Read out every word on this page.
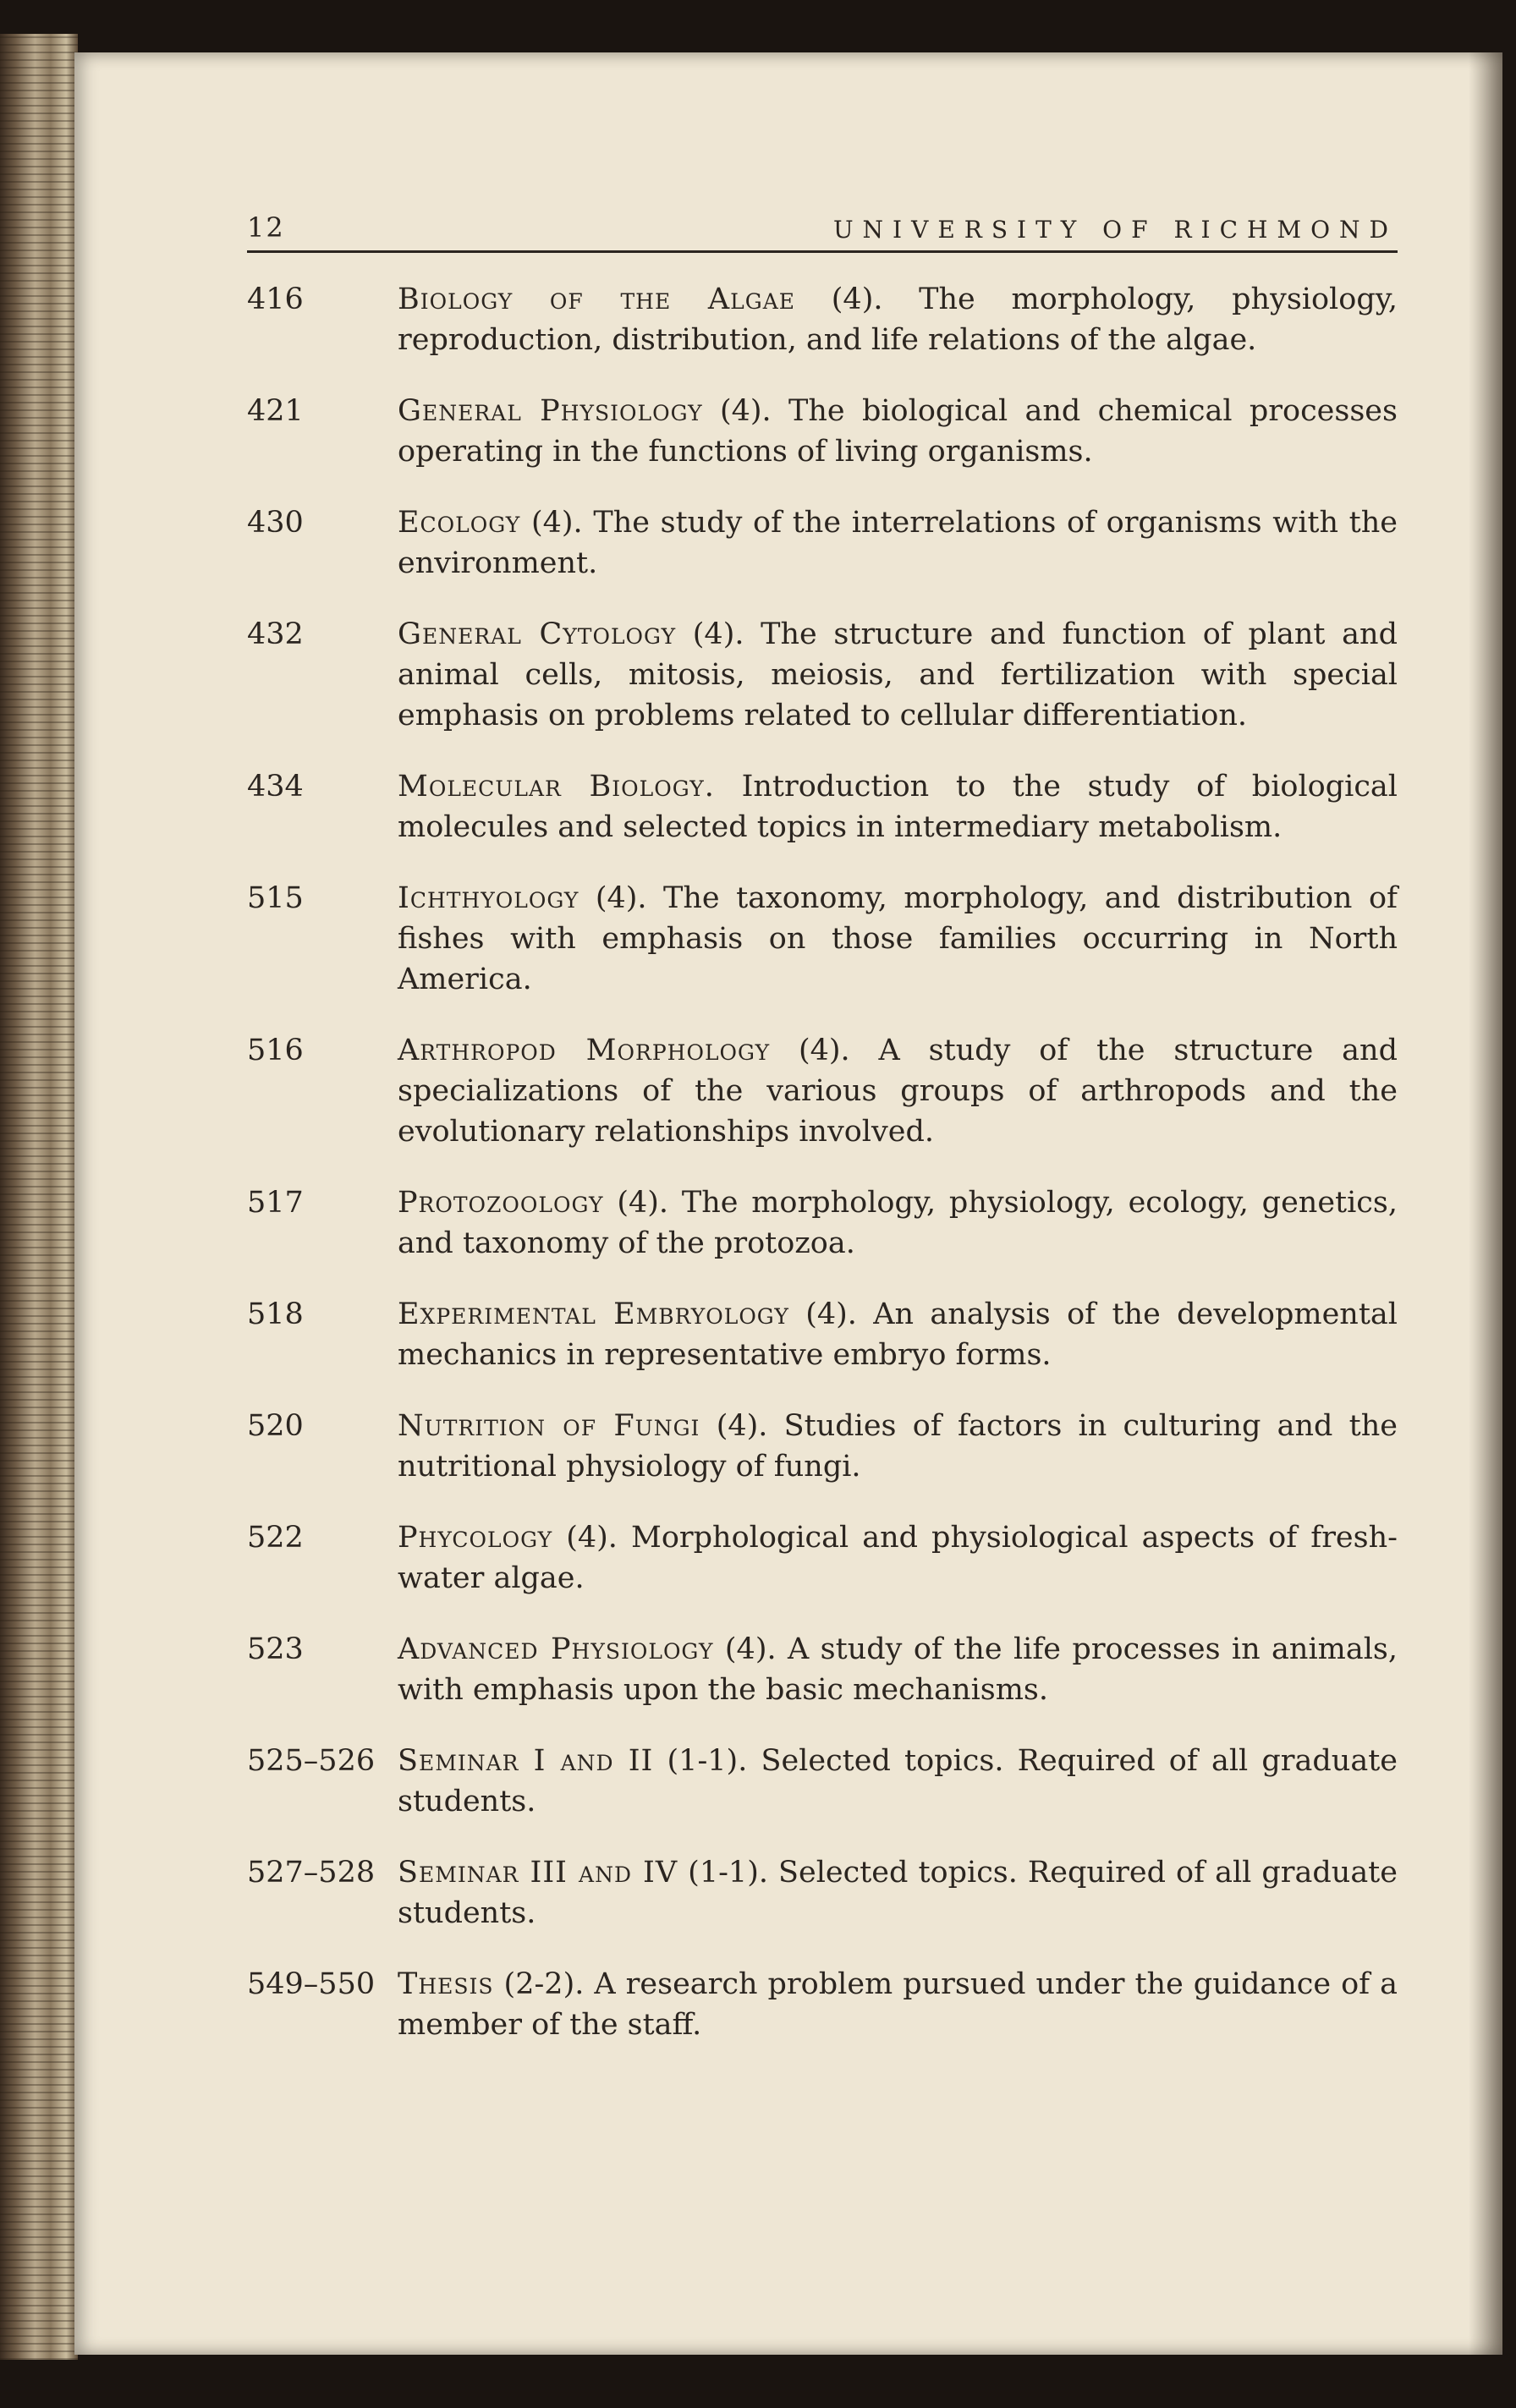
12	UNIVERSITY OF RICHMOND
416	Biology of the Algae (4). The morphology, physiology, reproduction, distribution, and life relations of the algae.
421	General Physiology (4). The biological and chemical processes operating in the functions of living organisms.
430	Ecology (4). The study of the interrelations of organisms with the environment.
432	General Cytology (4). The structure and function of plant and animal cells, mitosis, meiosis, and fertilization with special emphasis on problems related to cellular differentiation.
434	Molecular Biology. Introduction to the study of biological molecules and selected topics in intermediary metabolism.
515	Ichthyology (4). The taxonomy, morphology, and distribution of fishes with emphasis on those families occurring in North America.
516	Arthropod Morphology (4). A study of the structure and specializations of the various groups of arthropods and the evolutionary relationships involved.
517	Protozoology (4). The morphology, physiology, ecology, genetics, and taxonomy of the protozoa.
518	Experimental Embryology (4). An analysis of the developmental mechanics in representative embryo forms.
520	Nutrition of Fungi (4). Studies of factors in culturing and the nutritional physiology of fungi.
522	Phycology (4). Morphological and physiological aspects of fresh-water algae.
523	Advanced Physiology (4). A study of the life processes in animals, with emphasis upon the basic mechanisms.
525–526 Seminar I and II (1-1). Selected topics. Required of all graduate students.
527–528 Seminar III and IV (1-1). Selected topics. Required of all graduate students.
549–550 Thesis (2-2). A research problem pursued under the guidance of a member of the staff.
